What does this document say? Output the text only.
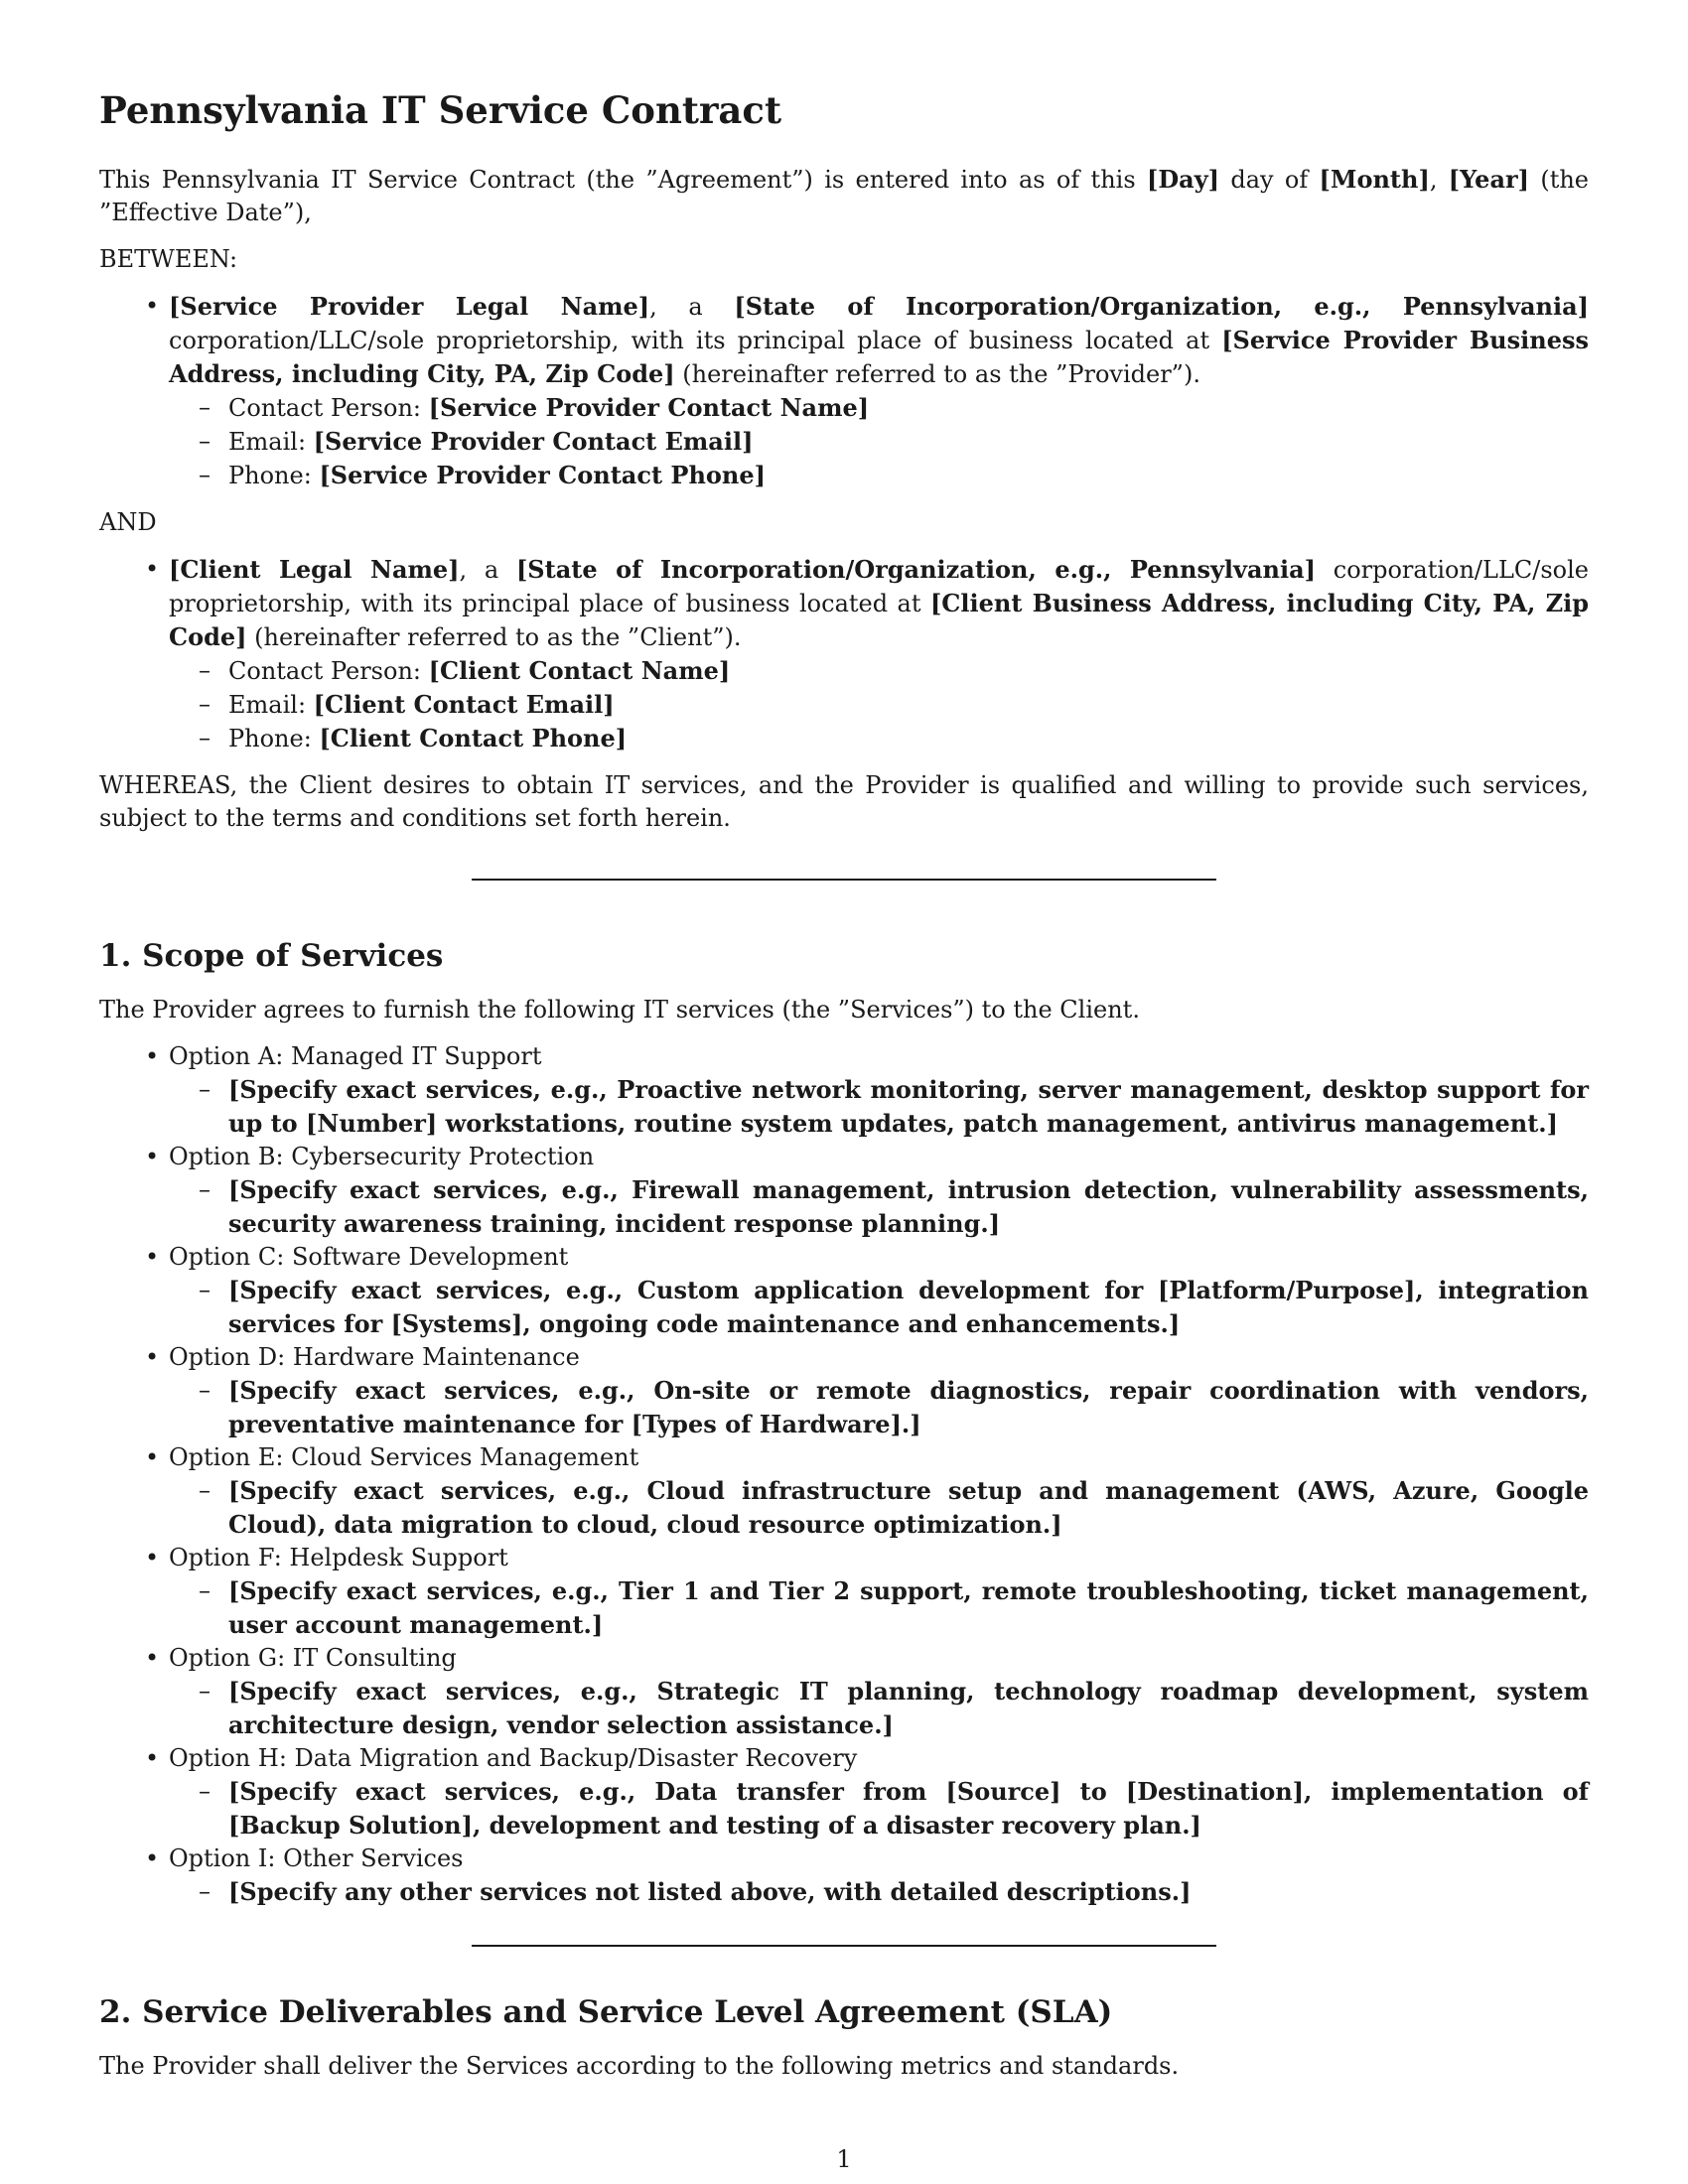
Pennsylvania IT Service Contract

This Pennsylvania IT Service Contract (the ”Agreement”) is entered into as of this [Day] day of [Month], [Year] (the ”Effective Date”),

BETWEEN:

• [Service Provider Legal Name], a [State of Incorporation/Organization, e.g., Pennsylvania] corporation/LLC/sole proprietorship, with its principal place of business located at [Service Provider Business Address, including City, PA, Zip Code] (hereinafter referred to as the ”Provider”).
– Contact Person: [Service Provider Contact Name]
– Email: [Service Provider Contact Email]
– Phone: [Service Provider Contact Phone]

AND

• [Client Legal Name], a [State of Incorporation/Organization, e.g., Pennsylvania] corporation/LLC/sole proprietorship, with its principal place of business located at [Client Business Address, including City, PA, Zip Code] (hereinafter referred to as the ”Client”).
– Contact Person: [Client Contact Name]
– Email: [Client Contact Email]
– Phone: [Client Contact Phone]

WHEREAS, the Client desires to obtain IT services, and the Provider is qualified and willing to provide such services, subject to the terms and conditions set forth herein.

1. Scope of Services

The Provider agrees to furnish the following IT services (the ”Services”) to the Client.

• Option A: Managed IT Support
– [Specify exact services, e.g., Proactive network monitoring, server management, desktop support for up to [Number] workstations, routine system updates, patch management, antivirus management.]
• Option B: Cybersecurity Protection
– [Specify exact services, e.g., Firewall management, intrusion detection, vulnerability assessments, security awareness training, incident response planning.]
• Option C: Software Development
– [Specify exact services, e.g., Custom application development for [Platform/Purpose], integration services for [Systems], ongoing code maintenance and enhancements.]
• Option D: Hardware Maintenance
– [Specify exact services, e.g., On-site or remote diagnostics, repair coordination with vendors, preventative maintenance for [Types of Hardware].]
• Option E: Cloud Services Management
– [Specify exact services, e.g., Cloud infrastructure setup and management (AWS, Azure, Google Cloud), data migration to cloud, cloud resource optimization.]
• Option F: Helpdesk Support
– [Specify exact services, e.g., Tier 1 and Tier 2 support, remote troubleshooting, ticket management, user account management.]
• Option G: IT Consulting
– [Specify exact services, e.g., Strategic IT planning, technology roadmap development, system architecture design, vendor selection assistance.]
• Option H: Data Migration and Backup/Disaster Recovery
– [Specify exact services, e.g., Data transfer from [Source] to [Destination], implementation of [Backup Solution], development and testing of a disaster recovery plan.]
• Option I: Other Services
– [Specify any other services not listed above, with detailed descriptions.]
2. Service Deliverables and Service Level Agreement (SLA)

The Provider shall deliver the Services according to the following metrics and standards.

1
